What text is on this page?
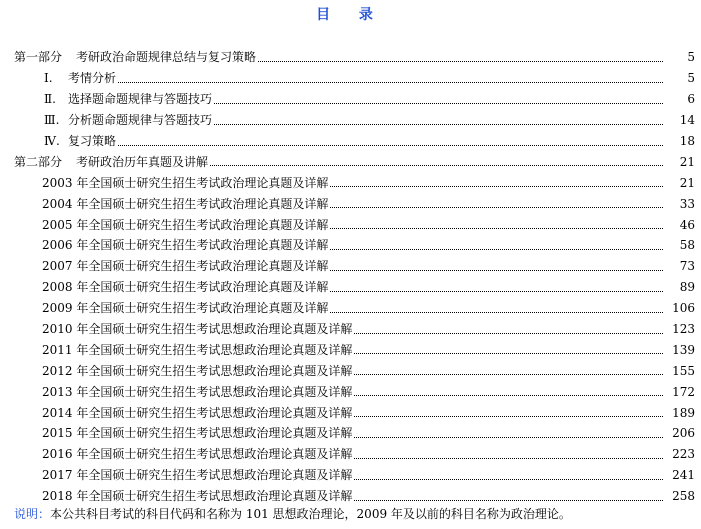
目 录
第一部分 考研政治命题规律总结与复习策略	5
Ⅰ.	考情分析	5
Ⅱ.	选择题命题规律与答题技巧	6
Ⅲ. 分析题命题规律与答题技巧	14
Ⅳ. 复习策略	18
第二部分 考研政治历年真题及讲解	21
2003 年全国硕士研究生招生考试政治理论真题及详解	21
2004 年全国硕士研究生招生考试政治理论真题及详解	33
2005 年全国硕士研究生招生考试政治理论真题及详解	46
2006 年全国硕士研究生招生考试政治理论真题及详解	58
2007 年全国硕士研究生招生考试政治理论真题及详解	73
2008 年全国硕士研究生招生考试政治理论真题及详解	89
2009 年全国硕士研究生招生考试政治理论真题及详解	106
2010 年全国硕士研究生招生考试思想政治理论真题及详解	123
2011 年全国硕士研究生招生考试思想政治理论真题及详解	139
2012 年全国硕士研究生招生考试思想政治理论真题及详解	155
2013 年全国硕士研究生招生考试思想政治理论真题及详解	172
2014 年全国硕士研究生招生考试思想政治理论真题及详解	189
2015 年全国硕士研究生招生考试思想政治理论真题及详解	206
2016 年全国硕士研究生招生考试思想政治理论真题及详解	223
2017 年全国硕士研究生招生考试思想政治理论真题及详解	241
2018 年全国硕士研究生招生考试思想政治理论真题及详解	258
说明：本公共科目考试的科目代码和名称为 101 思想政治理论，2009 年及以前的科目名称为政治理论。
